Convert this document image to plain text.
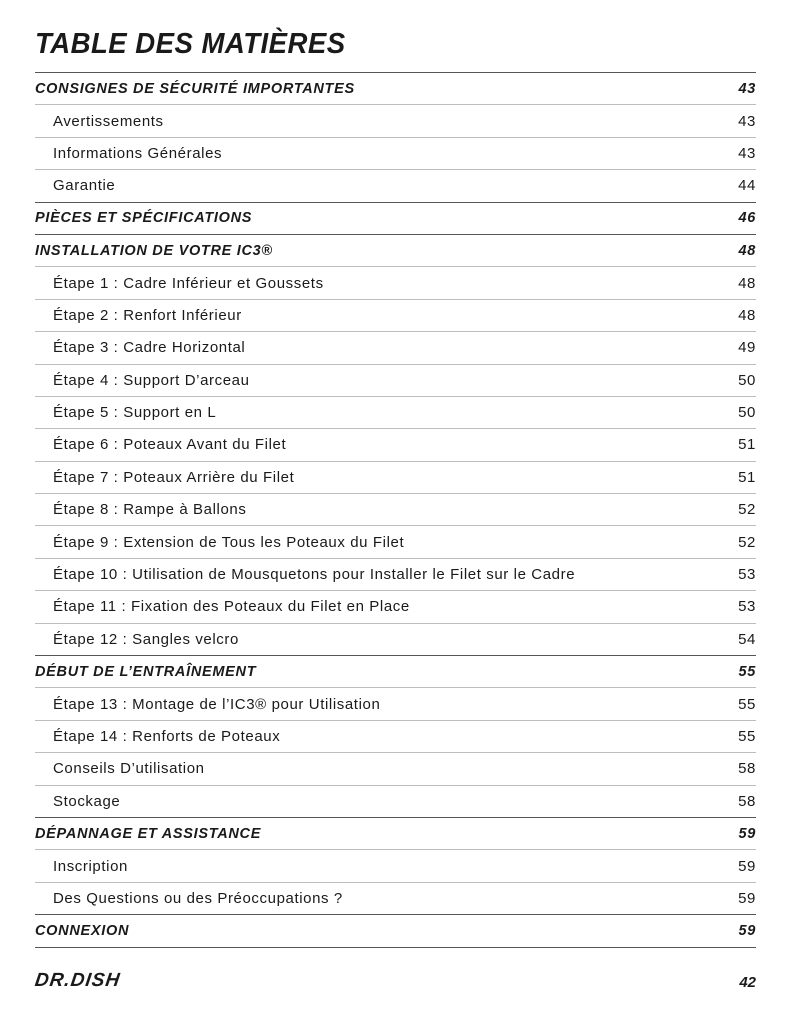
TABLE DES MATIÈRES
CONSIGNES DE SÉCURITÉ IMPORTANTES	43
Avertissements	43
Informations Générales	43
Garantie	44
PIÈCES ET SPÉCIFICATIONS	46
INSTALLATION DE VOTRE IC3®	48
Étape 1 : Cadre Inférieur et Goussets	48
Étape 2 : Renfort Inférieur	48
Étape 3 : Cadre Horizontal	49
Étape 4 : Support D’arceau	50
Étape 5 : Support en L	50
Étape 6 : Poteaux Avant du Filet	51
Étape 7 : Poteaux Arrière du Filet	51
Étape 8 : Rampe à Ballons	52
Étape 9 : Extension de Tous les Poteaux du Filet	52
Étape 10 : Utilisation de Mousquetons pour Installer le Filet sur le Cadre	53
Étape 11 : Fixation des Poteaux du Filet en Place	53
Étape 12 : Sangles velcro	54
DÉBUT DE L’ENTRAÎNEMENT	55
Étape 13 : Montage de l’IC3® pour Utilisation	55
Étape 14 : Renforts de Poteaux	55
Conseils D’utilisation	58
Stockage	58
DÉPANNAGE ET ASSISTANCE	59
Inscription	59
Des Questions ou des Préoccupations ?	59
CONNEXION	59
DR.DISH	42
